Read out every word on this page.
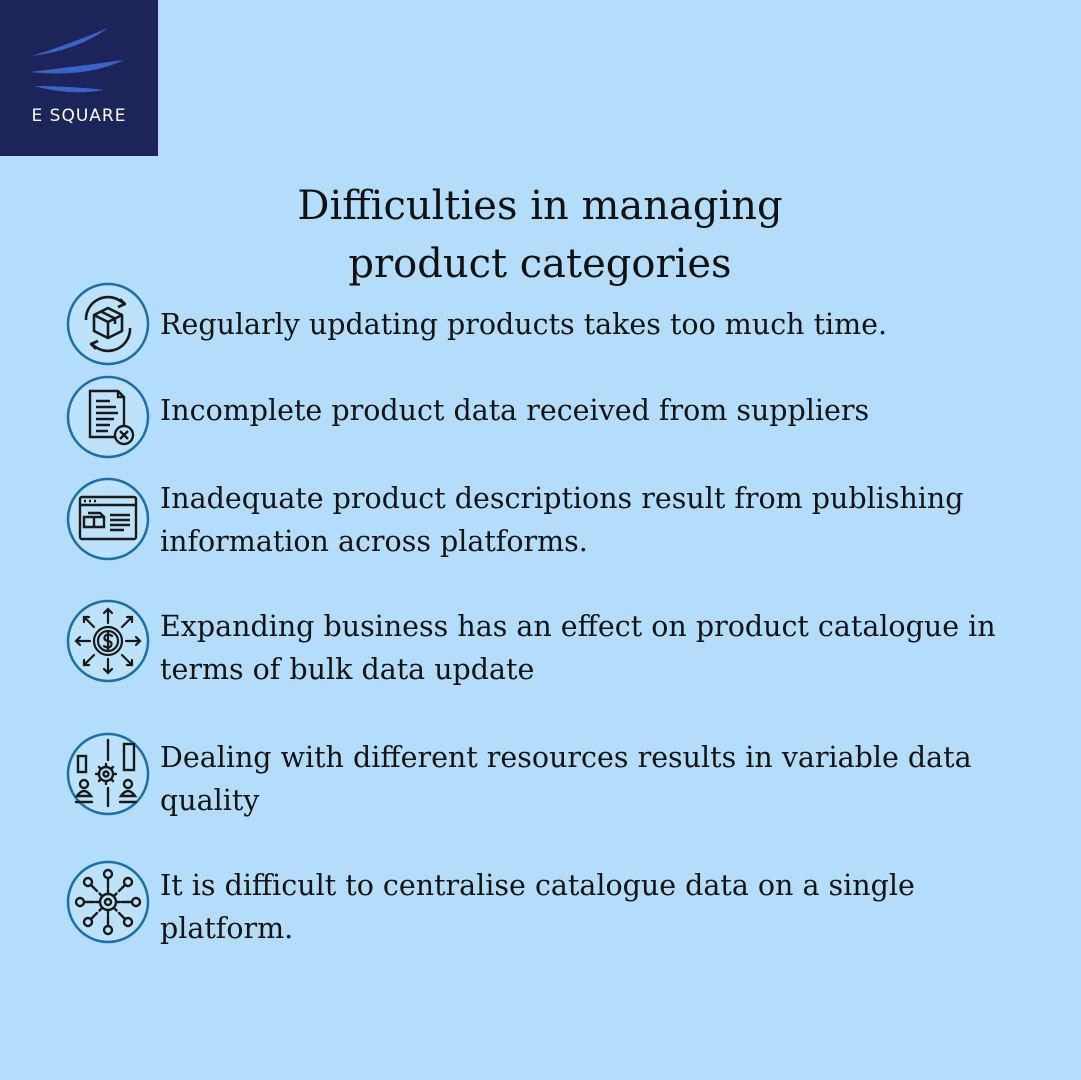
E SQUARE
Difficulties in managing
product categories
Regularly updating products takes too much time.
Incomplete product data received from suppliers
Inadequate product descriptions result from publishing information across platforms.
Expanding business has an effect on product catalogue in terms of bulk data update
Dealing with different resources results in variable data quality
It is difficult to centralise catalogue data on a single platform.
